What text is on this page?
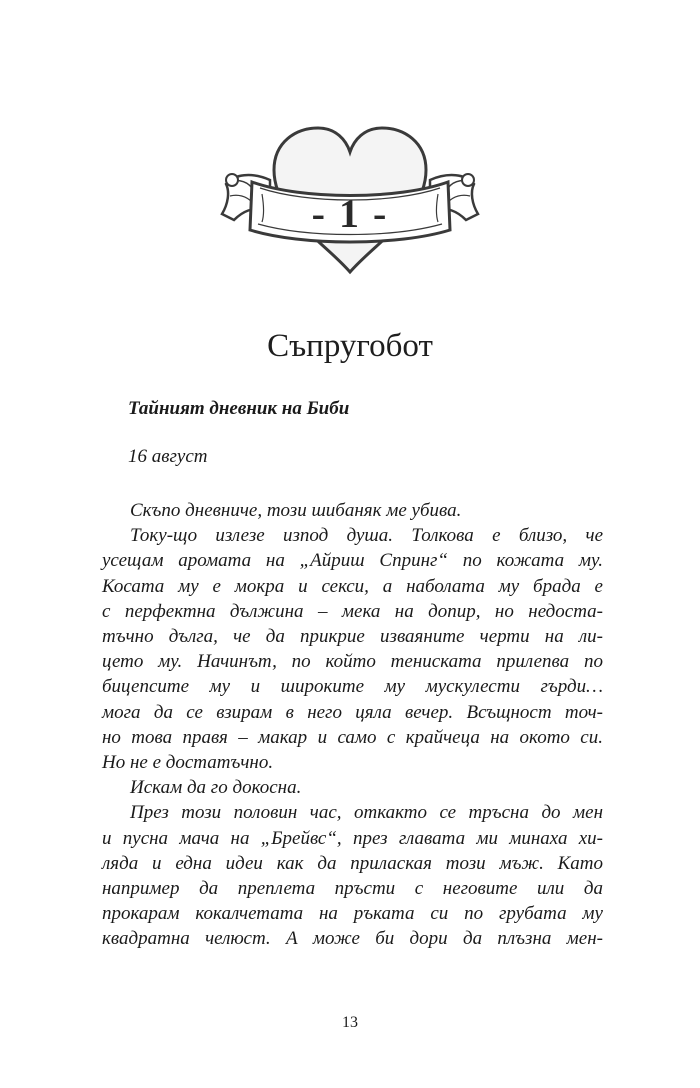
- 1 -
Съпругобот
Тайният дневник на Биби
16 август

Скъпо дневниче, този шибаняк ме убива.

Току-що излезе изпод душа. Толкова е близо, че
усещам аромата на „Айриш Спринг“ по кожата му.
Косата му е мокра и секси, а наболата му брада е
с перфектна дължина – мека на допир, но недоста-
тъчно дълга, че да прикрие изваяните черти на ли-
цето му. Начинът, по който тениската прилепва по
бицепсите му и широките му мускулести гърди…
мога да се взирам в него цяла вечер. Всъщност точ-
но това правя – макар и само с крайчеца на окото си.
Но не е достатъчно.

Искам да го докосна.

През този половин час, откакто се тръсна до мен
и пусна мача на „Брейвс“, през главата ми минаха хи-
ляда и една идеи как да прилаская този мъж. Като
например да преплета пръсти с неговите или да
прокарам кокалчетата на ръката си по грубата му
квадратна челюст. А може би дори да плъзна мен-

13
